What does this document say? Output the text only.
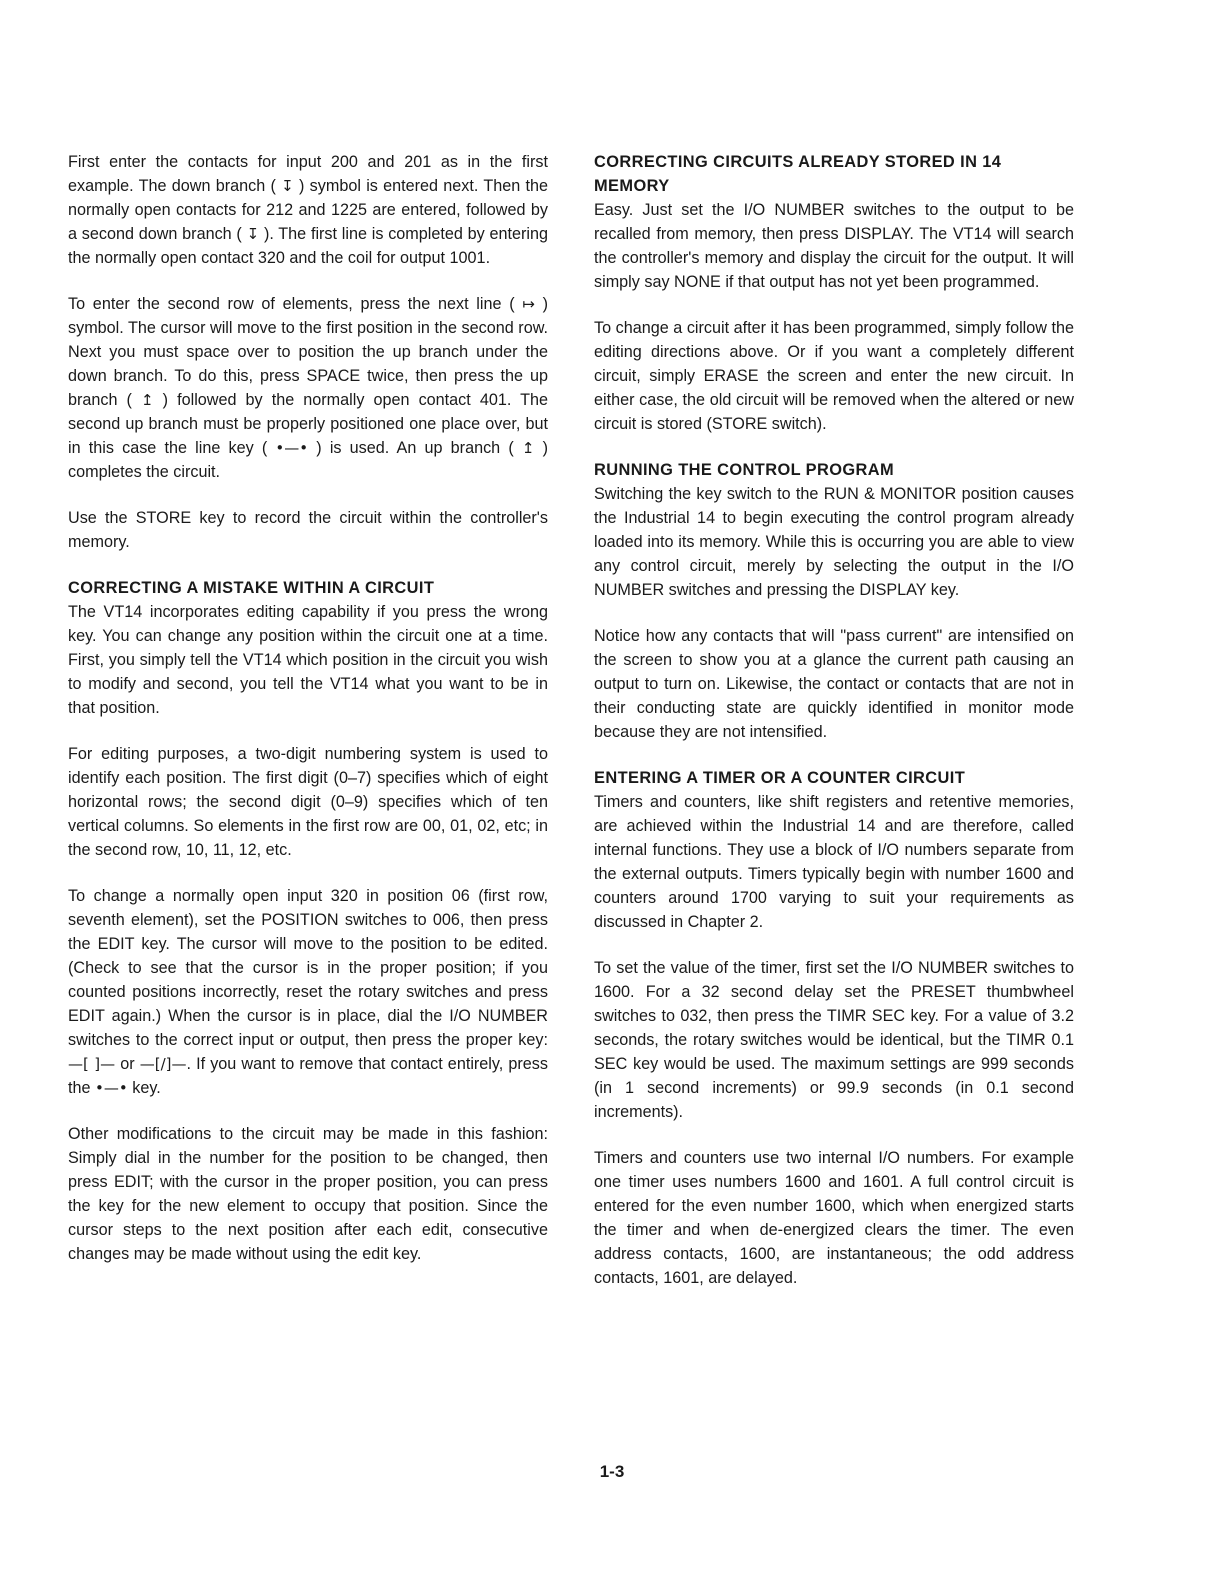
First enter the contacts for input 200 and 201 as in the first example. The down branch ( ↧ ) symbol is entered next. Then the normally open contacts for 212 and 1225 are entered, followed by a second down branch ( ↧ ). The first line is completed by entering the normally open contact 320 and the coil for output 1001.

To enter the second row of elements, press the next line ( ↦ ) symbol. The cursor will move to the first position in the second row. Next you must space over to position the up branch under the down branch. To do this, press SPACE twice, then press the up branch ( ↥ ) followed by the normally open contact 401. The second up branch must be properly positioned one place over, but in this case the line key ( •—• ) is used. An up branch ( ↥ ) completes the circuit.

Use the STORE key to record the circuit within the controller's memory.

CORRECTING A MISTAKE WITHIN A CIRCUIT

The VT14 incorporates editing capability if you press the wrong key. You can change any position within the circuit one at a time. First, you simply tell the VT14 which position in the circuit you wish to modify and second, you tell the VT14 what you want to be in that position.

For editing purposes, a two-digit numbering system is used to identify each position. The first digit (0–7) specifies which of eight horizontal rows; the second digit (0–9) specifies which of ten vertical columns. So elements in the first row are 00, 01, 02, etc; in the second row, 10, 11, 12, etc.

To change a normally open input 320 in position 06 (first row, seventh element), set the POSITION switches to 006, then press the EDIT key. The cursor will move to the position to be edited. (Check to see that the cursor is in the proper position; if you counted positions incorrectly, reset the rotary switches and press EDIT again.) When the cursor is in place, dial the I/O NUMBER switches to the correct input or output, then press the proper key: —[ ]— or —[/]—. If you want to remove that contact entirely, press the •—• key.

Other modifications to the circuit may be made in this fashion: Simply dial in the number for the position to be changed, then press EDIT; with the cursor in the proper position, you can press the key for the new element to occupy that position. Since the cursor steps to the next position after each edit, consecutive changes may be made without using the edit key.

CORRECTING CIRCUITS ALREADY STORED IN 14 MEMORY

Easy. Just set the I/O NUMBER switches to the output to be recalled from memory, then press DISPLAY. The VT14 will search the controller's memory and display the circuit for the output. It will simply say NONE if that output has not yet been programmed.

To change a circuit after it has been programmed, simply follow the editing directions above. Or if you want a completely different circuit, simply ERASE the screen and enter the new circuit. In either case, the old circuit will be removed when the altered or new circuit is stored (STORE switch).

RUNNING THE CONTROL PROGRAM

Switching the key switch to the RUN & MONITOR position causes the Industrial 14 to begin executing the control program already loaded into its memory. While this is occurring you are able to view any control circuit, merely by selecting the output in the I/O NUMBER switches and pressing the DISPLAY key.

Notice how any contacts that will "pass current" are intensified on the screen to show you at a glance the current path causing an output to turn on. Likewise, the contact or contacts that are not in their conducting state are quickly identified in monitor mode because they are not intensified.

ENTERING A TIMER OR A COUNTER CIRCUIT

Timers and counters, like shift registers and retentive memories, are achieved within the Industrial 14 and are therefore, called internal functions. They use a block of I/O numbers separate from the external outputs. Timers typically begin with number 1600 and counters around 1700 varying to suit your requirements as discussed in Chapter 2.

To set the value of the timer, first set the I/O NUMBER switches to 1600. For a 32 second delay set the PRESET thumbwheel switches to 032, then press the TIMR SEC key. For a value of 3.2 seconds, the rotary switches would be identical, but the TIMR 0.1 SEC key would be used. The maximum settings are 999 seconds (in 1 second increments) or 99.9 seconds (in 0.1 second increments).

Timers and counters use two internal I/O numbers. For example one timer uses numbers 1600 and 1601. A full control circuit is entered for the even number 1600, which when energized starts the timer and when de-energized clears the timer. The even address contacts, 1600, are instantaneous; the odd address contacts, 1601, are delayed.

1-3
